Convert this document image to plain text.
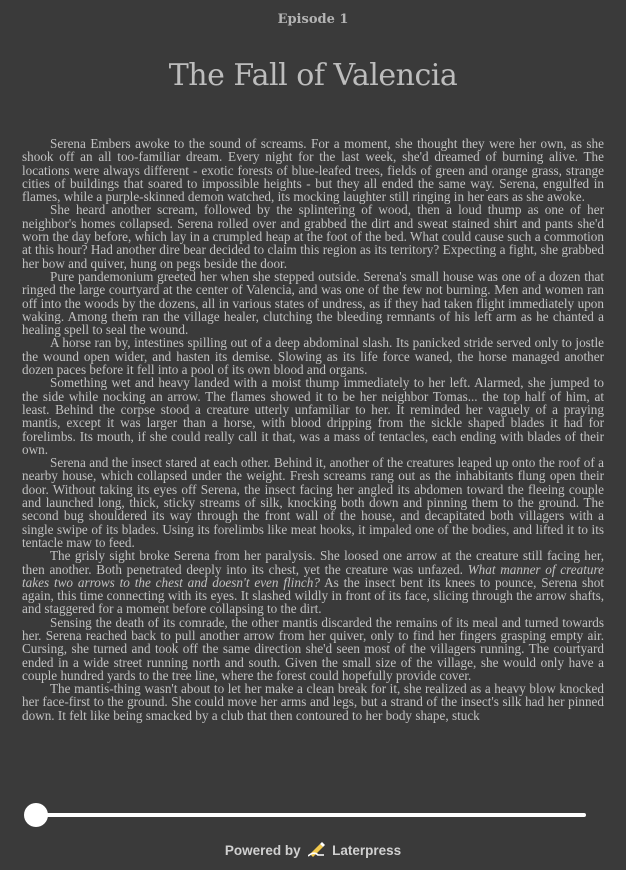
Episode 1
The Fall of Valencia

Serena Embers awoke to the sound of screams. For a moment, she thought they were her own, as she shook off an all too-familiar dream. Every night for the last week, she'd dreamed of burning alive. The locations were always different - exotic forests of blue-leafed trees, fields of green and orange grass, strange cities of buildings that soared to impossible heights - but they all ended the same way. Serena, engulfed in flames, while a purple-skinned demon watched, its mocking laughter still ringing in her ears as she awoke.

She heard another scream, followed by the splintering of wood, then a loud thump as one of her neighbor's homes collapsed. Serena rolled over and grabbed the dirt and sweat stained shirt and pants she'd worn the day before, which lay in a crumpled heap at the foot of the bed. What could cause such a commotion at this hour? Had another dire bear decided to claim this region as its territory? Expecting a fight, she grabbed her bow and quiver, hung on pegs beside the door.

Pure pandemonium greeted her when she stepped outside. Serena's small house was one of a dozen that ringed the large courtyard at the center of Valencia, and was one of the few not burning. Men and women ran off into the woods by the dozens, all in various states of undress, as if they had taken flight immediately upon waking. Among them ran the village healer, clutching the bleeding remnants of his left arm as he chanted a healing spell to seal the wound.

A horse ran by, intestines spilling out of a deep abdominal slash. Its panicked stride served only to jostle the wound open wider, and hasten its demise. Slowing as its life force waned, the horse managed another dozen paces before it fell into a pool of its own blood and organs.

Something wet and heavy landed with a moist thump immediately to her left. Alarmed, she jumped to the side while nocking an arrow. The flames showed it to be her neighbor Tomas... the top half of him, at least. Behind the corpse stood a creature utterly unfamiliar to her. It reminded her vaguely of a praying mantis, except it was larger than a horse, with blood dripping from the sickle shaped blades it had for forelimbs. Its mouth, if she could really call it that, was a mass of tentacles, each ending with blades of their own.

Serena and the insect stared at each other. Behind it, another of the creatures leaped up onto the roof of a nearby house, which collapsed under the weight. Fresh screams rang out as the inhabitants flung open their door. Without taking its eyes off Serena, the insect facing her angled its abdomen toward the fleeing couple and launched long, thick, sticky streams of silk, knocking both down and pinning them to the ground. The second bug shouldered its way through the front wall of the house, and decapitated both villagers with a single swipe of its blades. Using its forelimbs like meat hooks, it impaled one of the bodies, and lifted it to its tentacle maw to feed.

The grisly sight broke Serena from her paralysis. She loosed one arrow at the creature still facing her, then another. Both penetrated deeply into its chest, yet the creature was unfazed. What manner of creature takes two arrows to the chest and doesn't even flinch? As the insect bent its knees to pounce, Serena shot again, this time connecting with its eyes. It slashed wildly in front of its face, slicing through the arrow shafts, and staggered for a moment before collapsing to the dirt.

Sensing the death of its comrade, the other mantis discarded the remains of its meal and turned towards her. Serena reached back to pull another arrow from her quiver, only to find her fingers grasping empty air. Cursing, she turned and took off the same direction she'd seen most of the villagers running. The courtyard ended in a wide street running north and south. Given the small size of the village, she would only have a couple hundred yards to the tree line, where the forest could hopefully provide cover.

The mantis-thing wasn't about to let her make a clean break for it, she realized as a heavy blow knocked her face-first to the ground. She could move her arms and legs, but a strand of the insect's silk had her pinned down. It felt like being smacked by a club that then contoured to her body shape, stuck

Powered by Laterpress
